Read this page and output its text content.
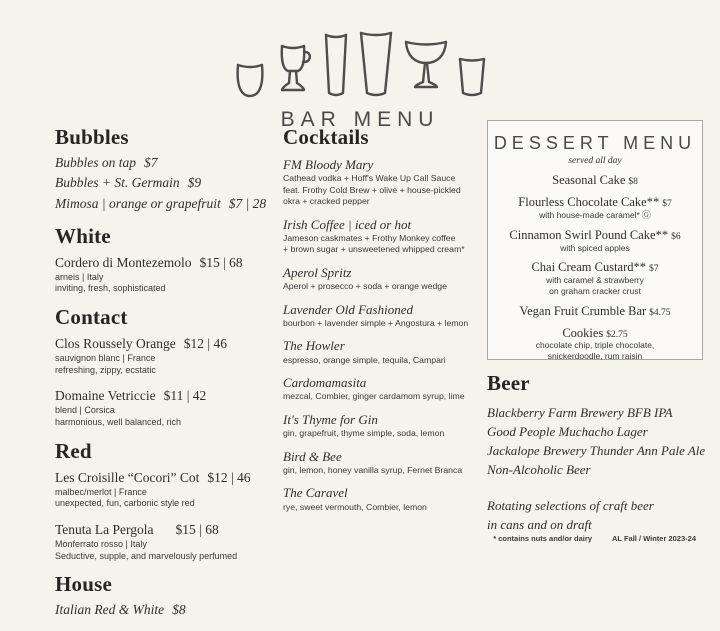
BAR MENU
Bubbles
Bubbles on tap $7
Bubbles + St. Germain $9
Mimosa | orange or grapefruit $7 | 28
White
Cordero di Montezemolo $15 | 68
arneis | Italy
inviting, fresh, sophisticated
Contact
Clos Roussely Orange $12 | 46
sauvignon blanc | France
refreshing, zippy, ecstatic
Domaine Vetriccie $11 | 42
blend | Corsica
harmonious, well balanced, rich
Red
Les Croisille “Cocori” Cot $12 | 46
malbec/merlot | France
unexpected, fun, carbonic style red
Tenuta La Pergola $15 | 68
Monferrato rosso | Italy
Seductive, supple, and marvelously perfumed
House
Italian Red & White $8
Cocktails
FM Bloody Mary
Cathead vodka + Hoff's Wake Up Call Sauce
feat. Frothy Cold Brew + olive + house-pickled
okra + cracked pepper
Irish Coffee | iced or hot
Jameson caskmates + Frothy Monkey coffee
+ brown sugar + unsweetened whipped cream*
Aperol Spritz
Aperol + prosecco + soda + orange wedge
Lavender Old Fashioned
bourbon + lavender simple + Angostura + lemon
The Howler
espresso, orange simple, tequila, Campari
Cardomamasita
mezcal, Combier, ginger cardamom syrup, lime
It's Thyme for Gin
gin, grapefruit, thyme simple, soda, lemon
Bird & Bee
gin, lemon, honey vanilla syrup, Fernet Branca
The Caravel
rye, sweet vermouth, Combier, lemon
DESSERT MENU
served all day
Seasonal Cake $8
Flourless Chocolate Cake** $7
with house-made caramel* Ⓖ
Cinnamon Swirl Pound Cake** $6
with spiced apples
Chai Cream Custard** $7
with caramel & strawberry
on graham cracker crust
Vegan Fruit Crumble Bar $4.75
Cookies $2.75
chocolate chip, triple chocolate,
snickerdoodle, rum raisin
Beer
Blackberry Farm Brewery BFB IPA
Good People Muchacho Lager
Jackalope Brewery Thunder Ann Pale Ale
Non-Alcoholic Beer
Rotating selections of craft beer
in cans and on draft
* contains nuts and/or dairy	AL Fall / Winter 2023-24
